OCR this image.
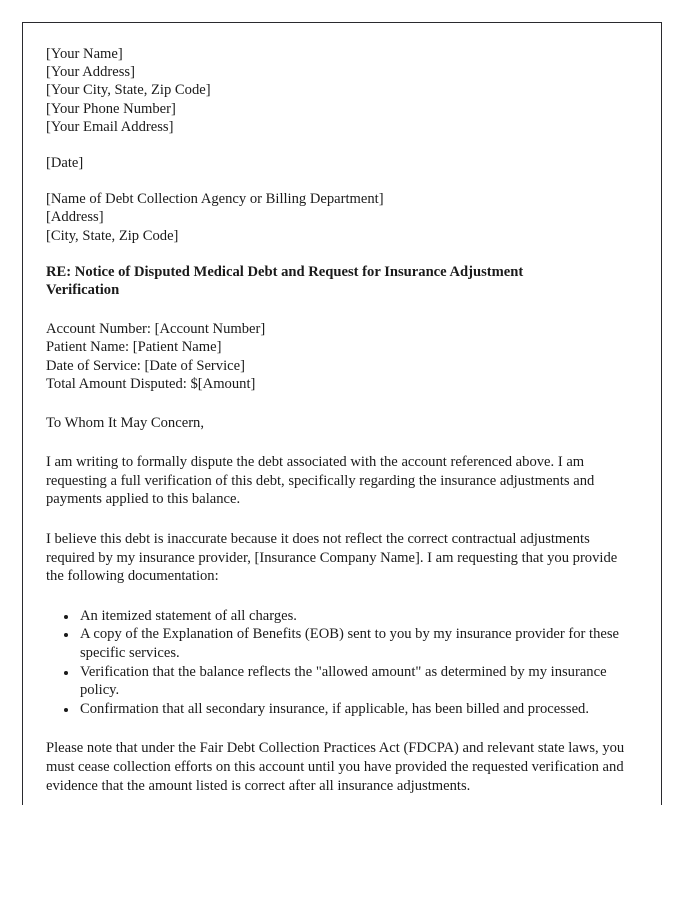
[Your Name]
[Your Address]
[Your City, State, Zip Code]
[Your Phone Number]
[Your Email Address]
[Date]
[Name of Debt Collection Agency or Billing Department]
[Address]
[City, State, Zip Code]
RE: Notice of Disputed Medical Debt and Request for Insurance Adjustment Verification
Account Number: [Account Number]
Patient Name: [Patient Name]
Date of Service: [Date of Service]
Total Amount Disputed: $[Amount]
To Whom It May Concern,
I am writing to formally dispute the debt associated with the account referenced above. I am requesting a full verification of this debt, specifically regarding the insurance adjustments and payments applied to this balance.
I believe this debt is inaccurate because it does not reflect the correct contractual adjustments required by my insurance provider, [Insurance Company Name]. I am requesting that you provide the following documentation:
• An itemized statement of all charges.
• A copy of the Explanation of Benefits (EOB) sent to you by my insurance provider for these specific services.
• Verification that the balance reflects the "allowed amount" as determined by my insurance policy.
• Confirmation that all secondary insurance, if applicable, has been billed and processed.
Please note that under the Fair Debt Collection Practices Act (FDCPA) and relevant state laws, you must cease collection efforts on this account until you have provided the requested verification and evidence that the amount listed is correct after all insurance adjustments.
